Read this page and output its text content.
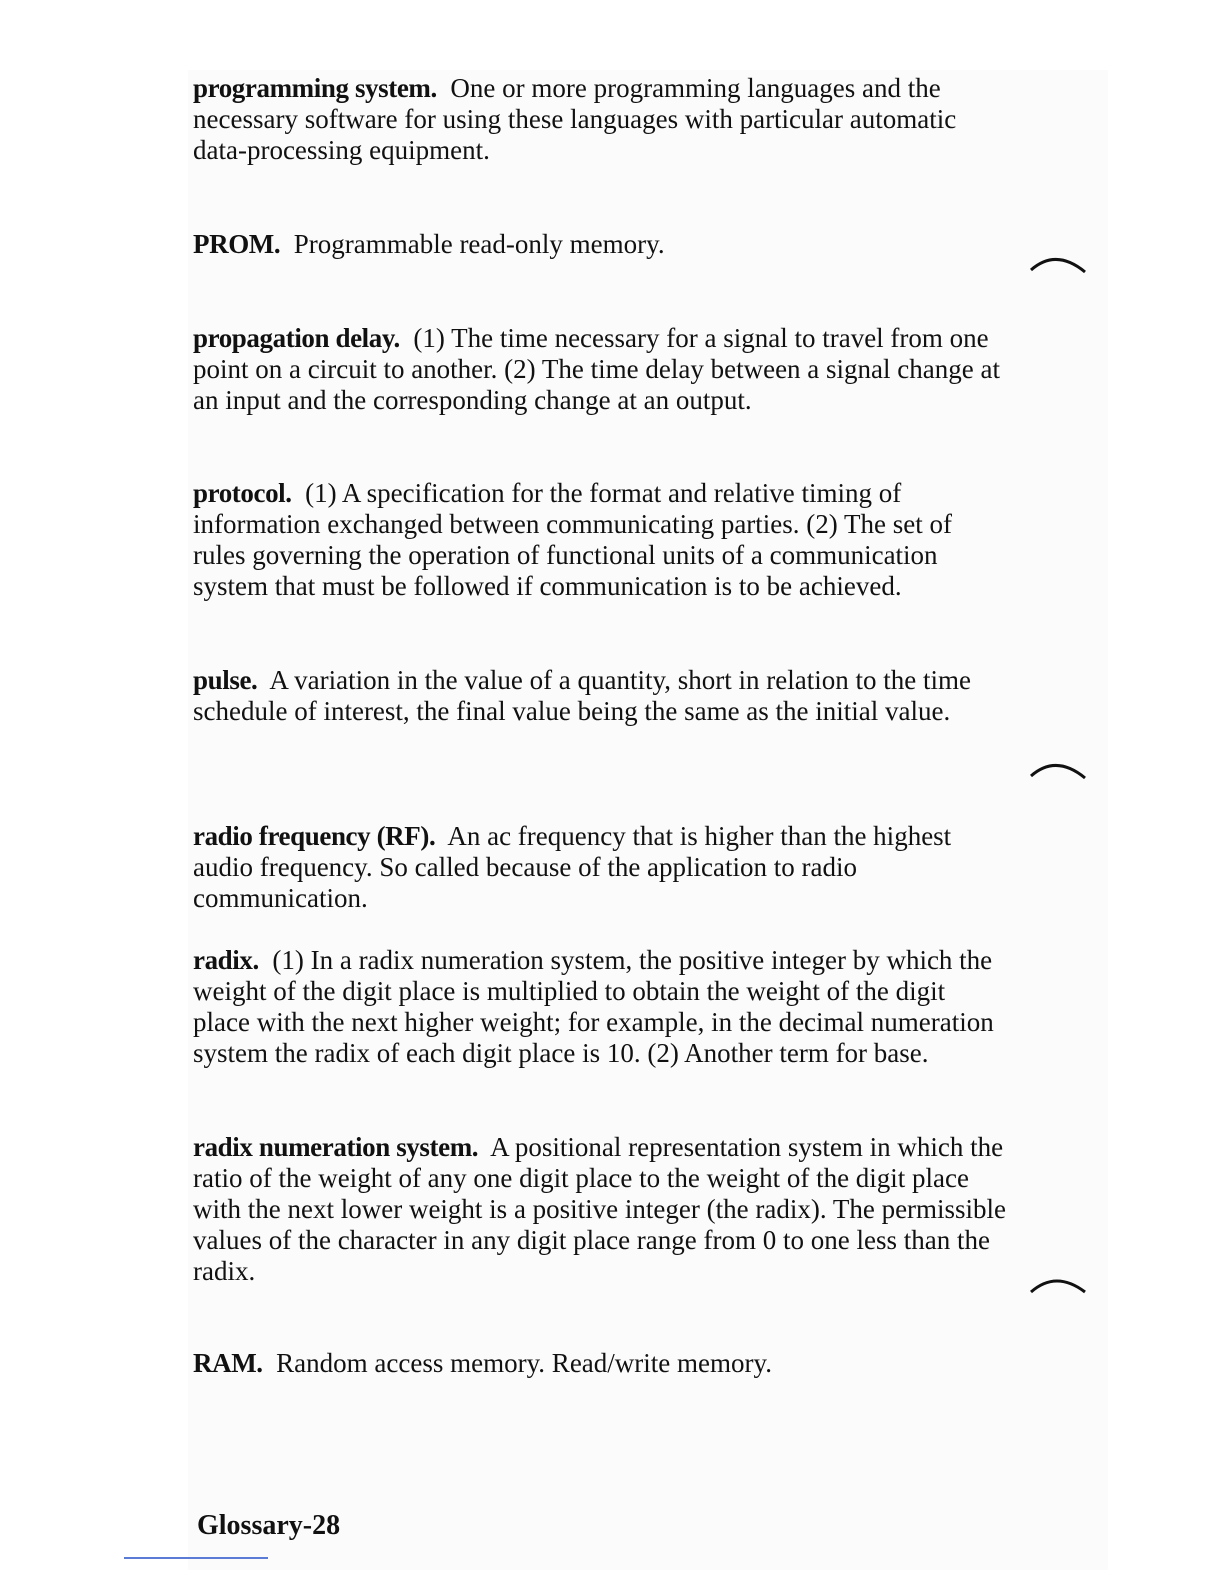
programming system. One or more programming languages and the necessary software for using these languages with particular automatic data-processing equipment.

PROM. Programmable read-only memory.

propagation delay. (1) The time necessary for a signal to travel from one point on a circuit to another. (2) The time delay between a signal change at an input and the corresponding change at an output.

protocol. (1) A specification for the format and relative timing of information exchanged between communicating parties. (2) The set of rules governing the operation of functional units of a communication system that must be followed if communication is to be achieved.

pulse. A variation in the value of a quantity, short in relation to the time schedule of interest, the final value being the same as the initial value.

radio frequency (RF). An ac frequency that is higher than the highest audio frequency. So called because of the application to radio communication.

radix. (1) In a radix numeration system, the positive integer by which the weight of the digit place is multiplied to obtain the weight of the digit place with the next higher weight; for example, in the decimal numeration system the radix of each digit place is 10. (2) Another term for base.

radix numeration system. A positional representation system in which the ratio of the weight of any one digit place to the weight of the digit place with the next lower weight is a positive integer (the radix). The permissible values of the character in any digit place range from 0 to one less than the radix.

RAM. Random access memory. Read/write memory.

Glossary-28
